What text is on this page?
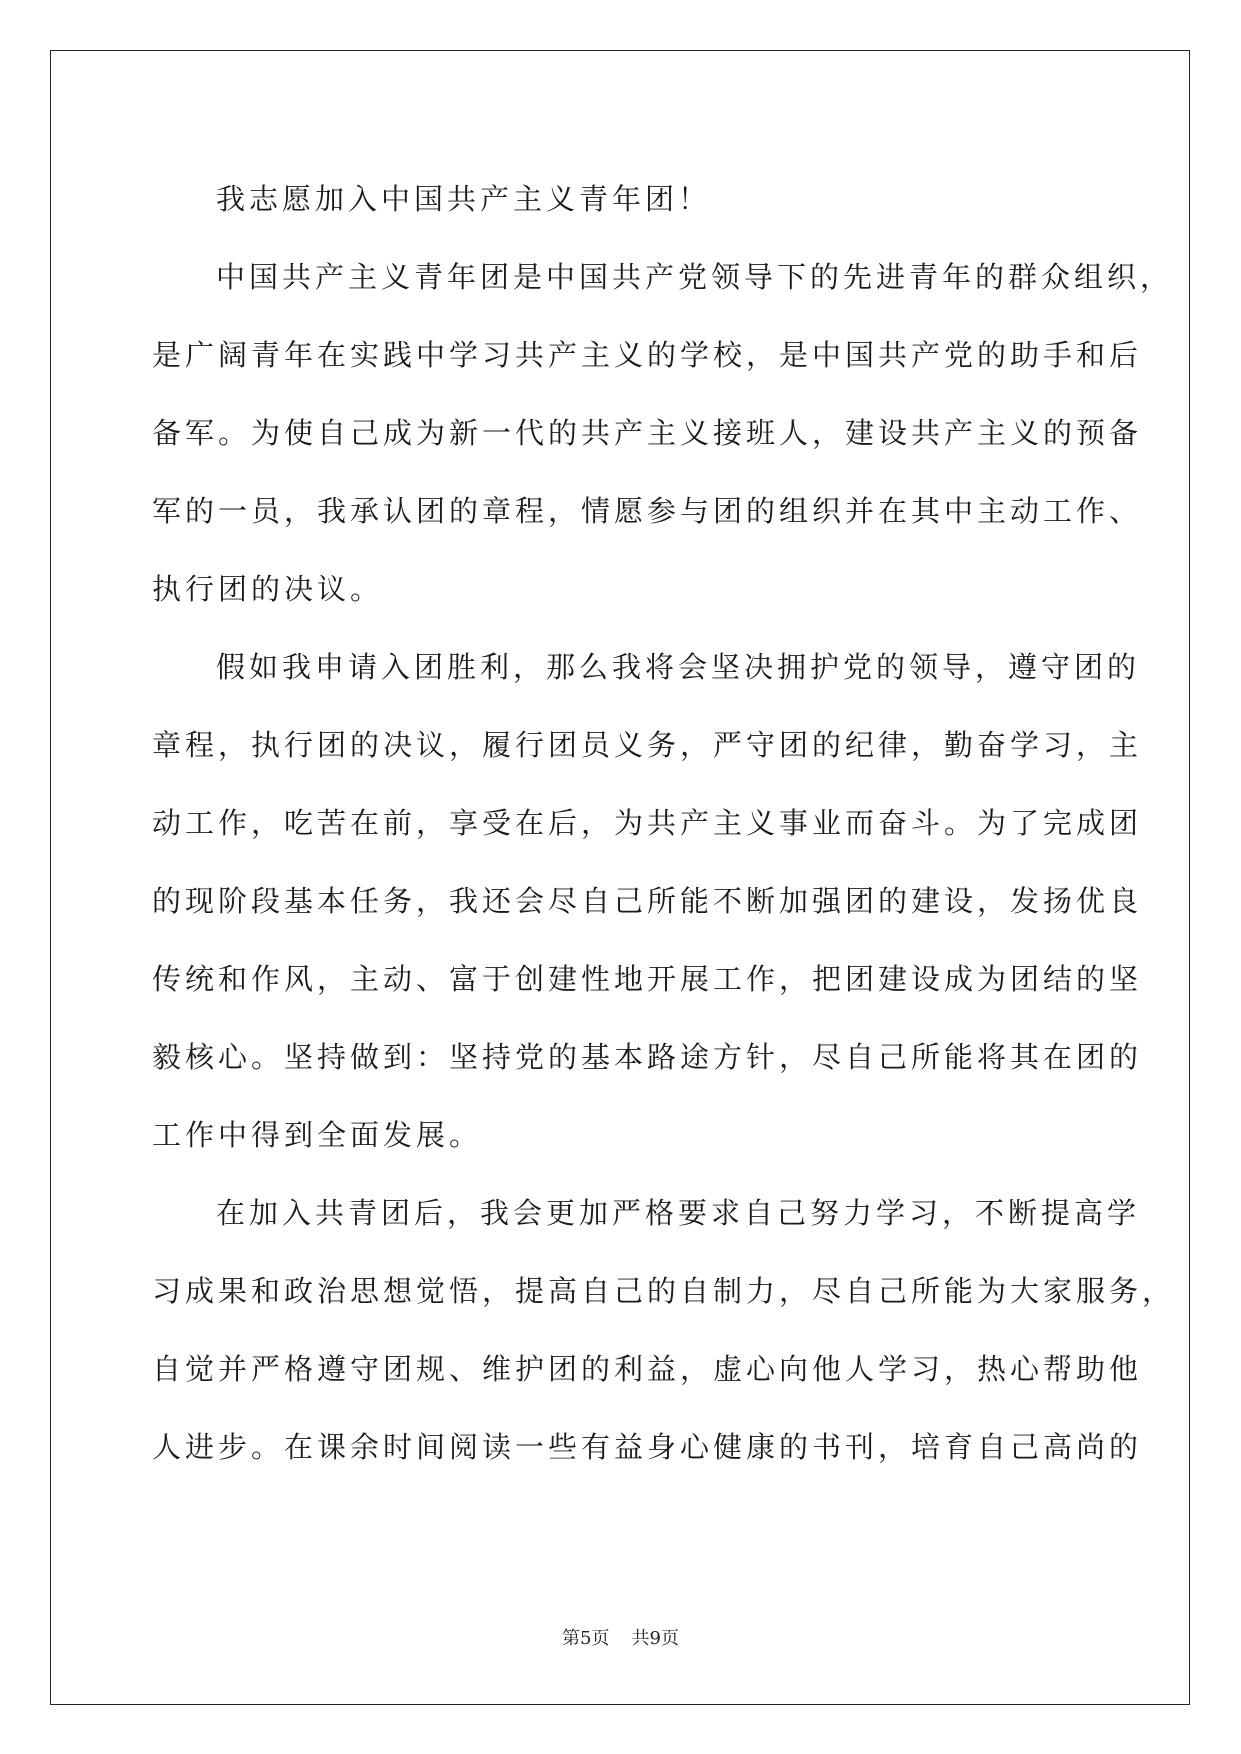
我志愿加入中国共产主义青年团！
中国共产主义青年团是中国共产党领导下的先进青年的群众组织，
是广阔青年在实践中学习共产主义的学校，是中国共产党的助手和后
备军。为使自己成为新一代的共产主义接班人，建设共产主义的预备
军的一员，我承认团的章程，情愿参与团的组织并在其中主动工作、
执行团的决议。
假如我申请入团胜利，那么我将会坚决拥护党的领导，遵守团的
章程，执行团的决议，履行团员义务，严守团的纪律，勤奋学习，主
动工作，吃苦在前，享受在后，为共产主义事业而奋斗。为了完成团
的现阶段基本任务，我还会尽自己所能不断加强团的建设，发扬优良
传统和作风，主动、富于创建性地开展工作，把团建设成为团结的坚
毅核心。坚持做到：坚持党的基本路途方针，尽自己所能将其在团的
工作中得到全面发展。
在加入共青团后，我会更加严格要求自己努力学习，不断提高学
习成果和政治思想觉悟，提高自己的自制力，尽自己所能为大家服务，
自觉并严格遵守团规、维护团的利益，虚心向他人学习，热心帮助他
人进步。在课余时间阅读一些有益身心健康的书刊，培育自己高尚的
第5页 共9页
